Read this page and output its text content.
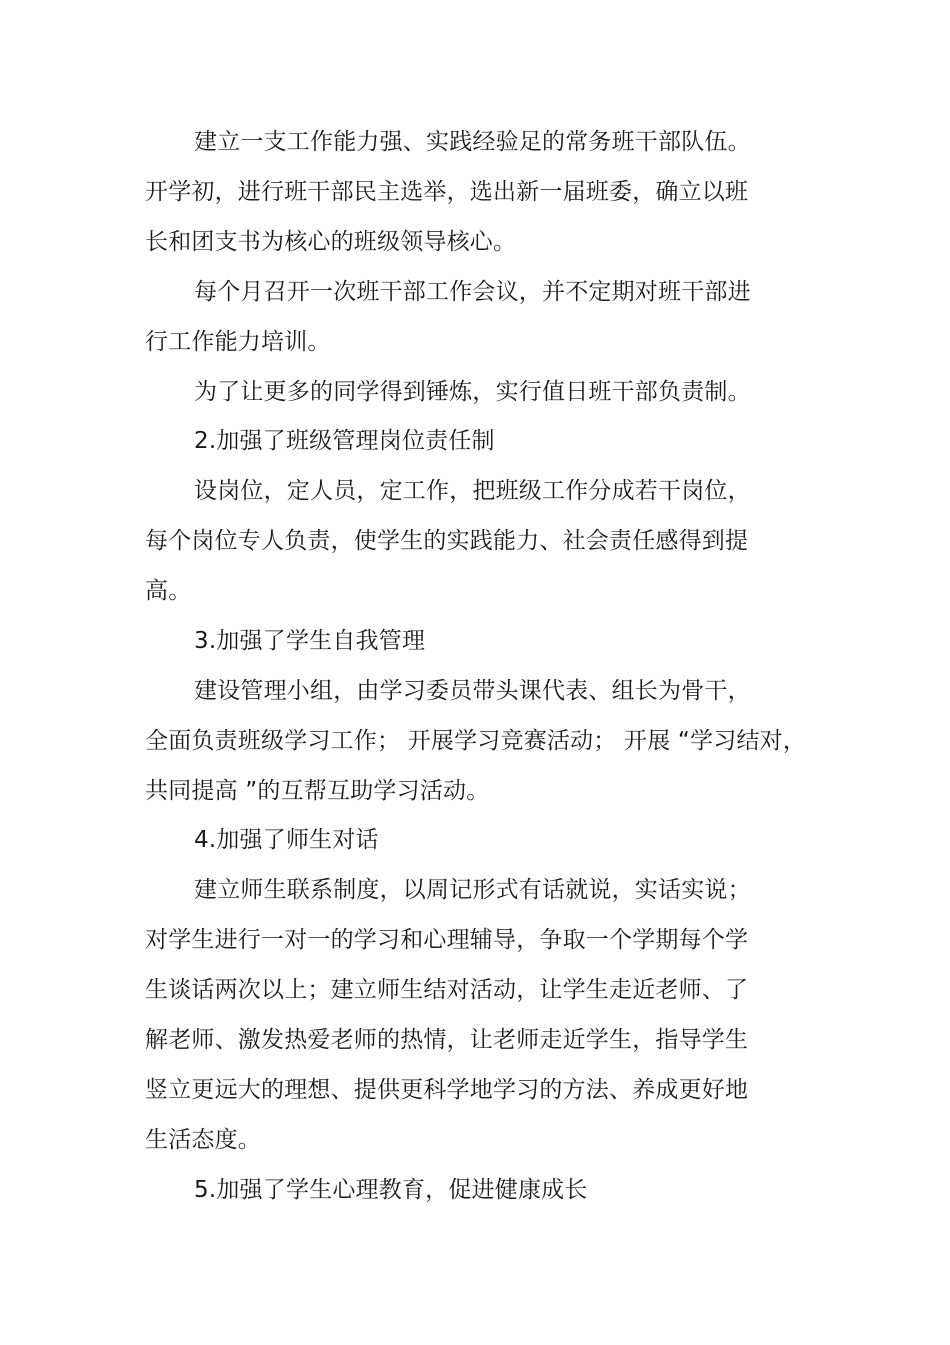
建立一支工作能力强、实践经验足的常务班干部队伍。
开学初，进行班干部民主选举，选出新一届班委，确立以班
长和团支书为核心的班级领导核心。
每个月召开一次班干部工作会议，并不定期对班干部进
行工作能力培训。
为了让更多的同学得到锤炼，实行值日班干部负责制。
2.加强了班级管理岗位责任制
设岗位，定人员，定工作，把班级工作分成若干岗位，
每个岗位专人负责，使学生的实践能力、社会责任感得到提
高。
3.加强了学生自我管理
建设管理小组，由学习委员带头课代表、组长为骨干，
全面负责班级学习工作； 开展学习竞赛活动； 开展 “学习结对，
共同提高 ”的互帮互助学习活动。
4.加强了师生对话
建立师生联系制度，以周记形式有话就说，实话实说；
对学生进行一对一的学习和心理辅导，争取一个学期每个学
生谈话两次以上；建立师生结对活动，让学生走近老师、了
解老师、激发热爱老师的热情，让老师走近学生，指导学生
竖立更远大的理想、提供更科学地学习的方法、养成更好地
生活态度。
5.加强了学生心理教育，促进健康成长
